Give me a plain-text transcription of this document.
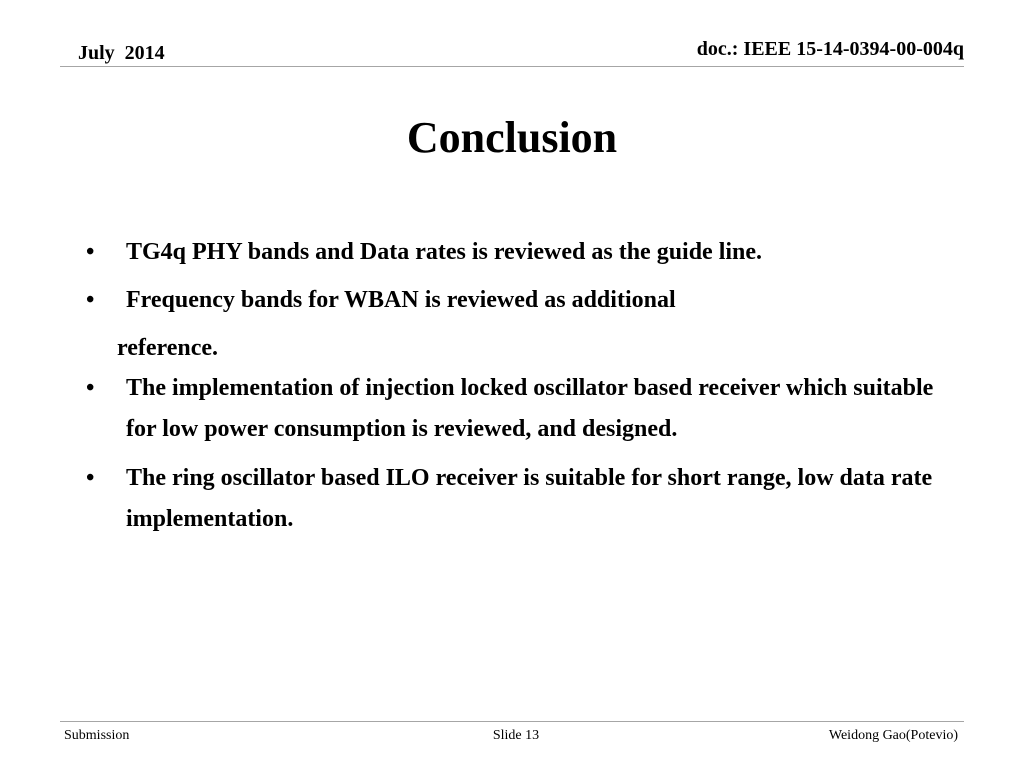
July  2014	doc.: IEEE 15-14-0394-00-004q
Conclusion
• TG4q PHY bands and Data rates is reviewed as the guide line.
• Frequency bands for WBAN is reviewed as additional
reference.
• The implementation of injection locked oscillator based receiver which suitable for low power consumption is reviewed, and designed.
• The ring oscillator based ILO receiver is suitable for short range, low data rate implementation.
Submission	Slide 13	Weidong Gao(Potevio)
